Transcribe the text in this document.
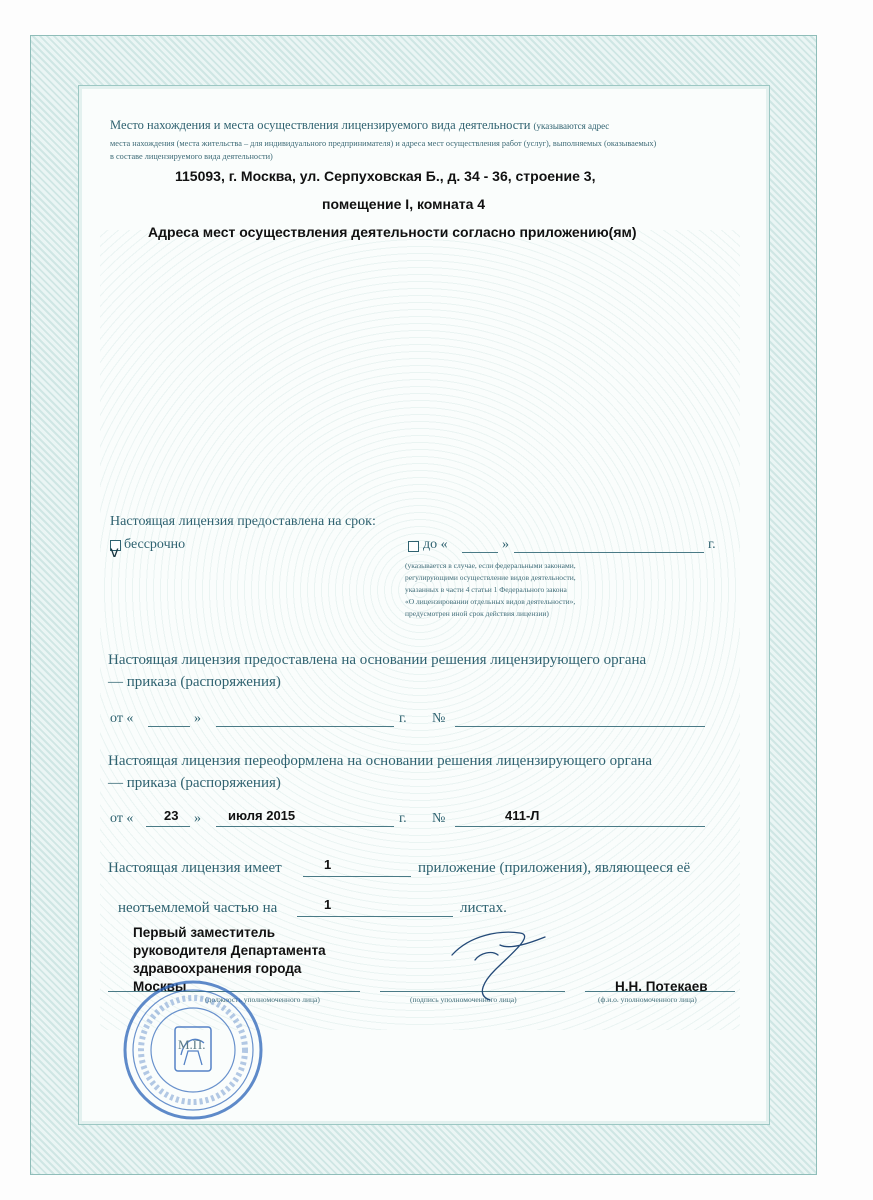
Место нахождения и места осуществления лицензируемого вида деятельности (указываются адрес
места нахождения (места жительства – для индивидуального предпринимателя) и адреса мест осуществления работ (услуг), выполняемых (оказываемых)
в составе лицензируемого вида деятельности)
115093, г. Москва, ул. Серпуховская Б., д. 34 - 36, строение 3,
помещение I, комната 4
Адреса мест осуществления деятельности согласно приложению(ям)
Настоящая лицензия предоставлена на срок:
v бессрочно	до «	»	г.
(указывается в случае, если федеральными законами,
регулирующими осуществление видов деятельности,
указанных в части 4 статьи 1 Федерального закона
«О лицензировании отдельных видов деятельности»,
предусмотрен иной срок действия лицензии)
Настоящая лицензия предоставлена на основании решения лицензирующего органа
— приказа (распоряжения)
от «	»	г. №
Настоящая лицензия переоформлена на основании решения лицензирующего органа
— приказа (распоряжения)
от « 23 » июля 2015	г. №	411-Л
Настоящая лицензия имеет	1	приложение (приложения), являющееся её
неотъемлемой частью на	1	листах.
Первый заместитель
руководителя Департамента
здравоохранения города
Москвы
(должность уполномоченного лица)	(подпись уполномоченного лица)
Н.Н. Потекаев
(ф.и.о. уполномоченного лица)
М.П.
